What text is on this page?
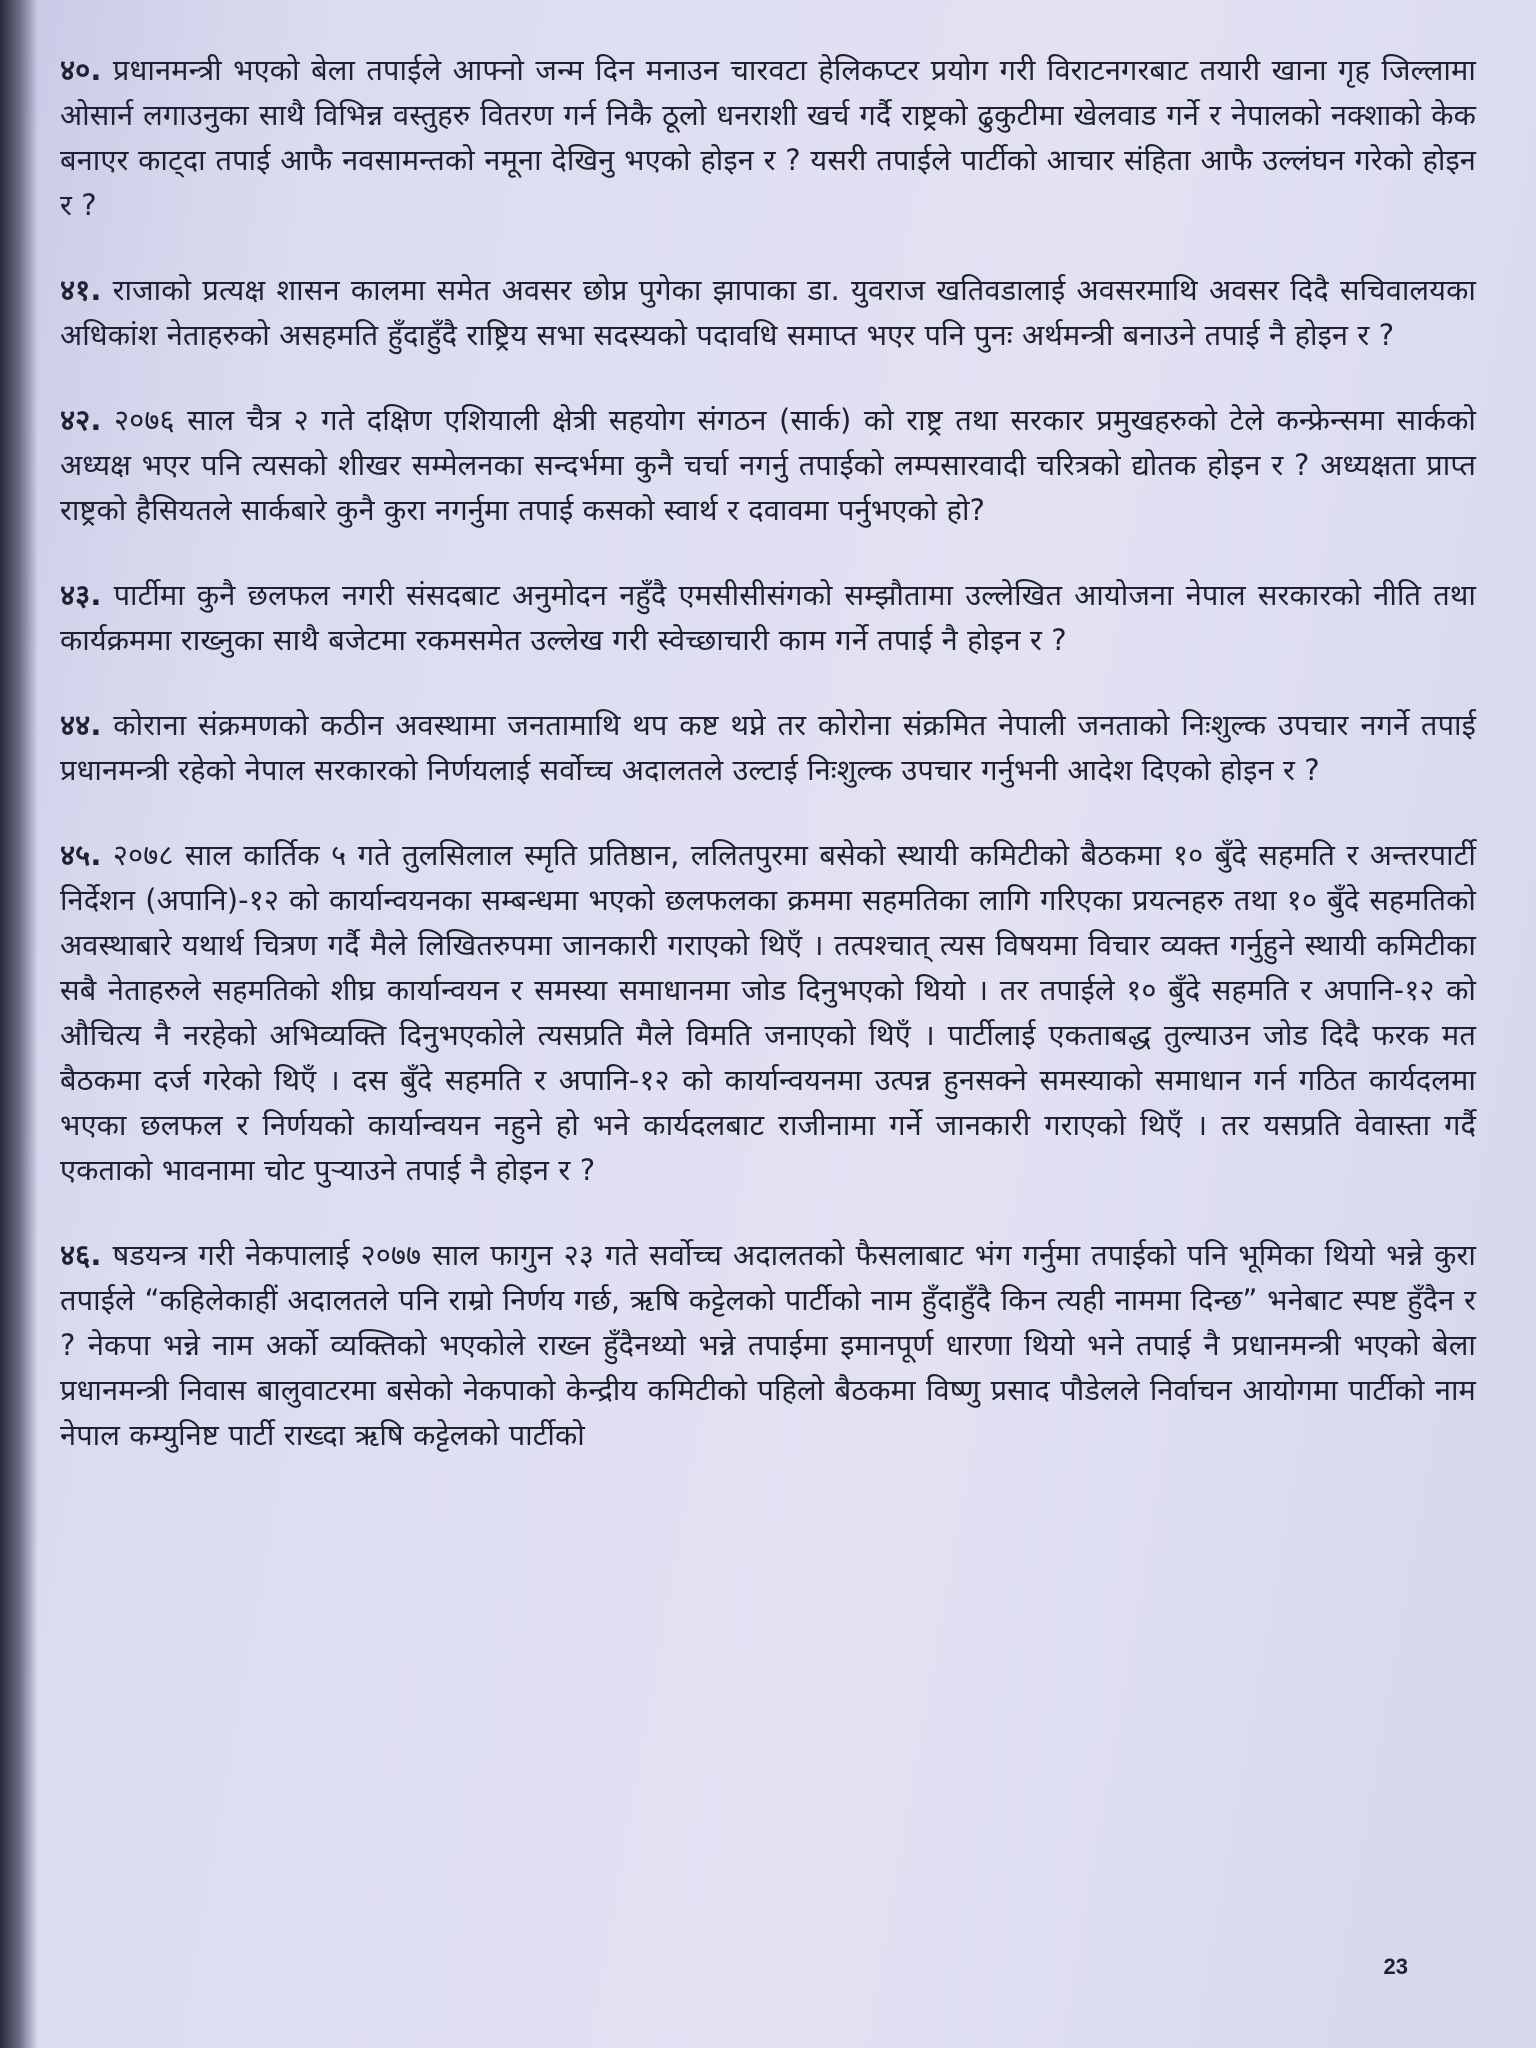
४०. प्रधानमन्त्री भएको बेला तपाईले आफ्नो जन्म दिन मनाउन चारवटा हेलिकप्टर प्रयोग गरी विराटनगरबाट तयारी खाना गृह जिल्लामा ओसार्न लगाउनुका साथै विभिन्न वस्तुहरु वितरण गर्न निकै ठूलो धनराशी खर्च गर्दै राष्ट्रको ढुकुटीमा खेलवाड गर्ने र नेपालको नक्शाको केक बनाएर काट्दा तपाई आफै नवसामन्तको नमूना देखिनु भएको होइन र ? यसरी तपाईले पार्टीको आचार संहिता आफै उल्लंघन गरेको होइन र ?

४१. राजाको प्रत्यक्ष शासन कालमा समेत अवसर छोप्न पुगेका झापाका डा. युवराज खतिवडालाई अवसरमाथि अवसर दिदै सचिवालयका अधिकांश नेताहरुको असहमति हुँदाहुँदै राष्ट्रिय सभा सदस्यको पदावधि समाप्त भएर पनि पुनः अर्थमन्त्री बनाउने तपाई नै होइन र ?

४२. २०७६ साल चैत्र २ गते दक्षिण एशियाली क्षेत्री सहयोग संगठन (सार्क) को राष्ट्र तथा सरकार प्रमुखहरुको टेले कन्फ्रेन्समा सार्कको अध्यक्ष भएर पनि त्यसको शीखर सम्मेलनका सन्दर्भमा कुनै चर्चा नगर्नु तपाईको लम्पसारवादी चरित्रको द्योतक होइन र ? अध्यक्षता प्राप्त राष्ट्रको हैसियतले सार्कबारे कुनै कुरा नगर्नुमा तपाई कसको स्वार्थ र दवावमा पर्नुभएको हो?

४३. पार्टीमा कुनै छलफल नगरी संसदबाट अनुमोदन नहुँदै एमसीसीसंगको सम्झौतामा उल्लेखित आयोजना नेपाल सरकारको नीति तथा कार्यक्रममा राख्नुका साथै बजेटमा रकमसमेत उल्लेख गरी स्वेच्छाचारी काम गर्ने तपाई नै होइन र ?

४४. कोराना संक्रमणको कठीन अवस्थामा जनतामाथि थप कष्ट थप्ने तर कोरोना संक्रमित नेपाली जनताको निःशुल्क उपचार नगर्ने तपाई प्रधानमन्त्री रहेको नेपाल सरकारको निर्णयलाई सर्वोच्च अदालतले उल्टाई निःशुल्क उपचार गर्नुभनी आदेश दिएको होइन र ?

४५. २०७८ साल कार्तिक ५ गते तुलसिलाल स्मृति प्रतिष्ठान, ललितपुरमा बसेको स्थायी कमिटीको बैठकमा १० बुँदे सहमति र अन्तरपार्टी निर्देशन (अपानि)-१२ को कार्यान्वयनका सम्बन्धमा भएको छलफलका क्रममा सहमतिका लागि गरिएका प्रयत्नहरु तथा १० बुँदे सहमतिको अवस्थाबारे यथार्थ चित्रण गर्दै मैले लिखितरुपमा जानकारी गराएको थिएँ । तत्पश्चात् त्यस विषयमा विचार व्यक्त गर्नुहुने स्थायी कमिटीका सबै नेताहरुले सहमतिको शीघ्र कार्यान्वयन र समस्या समाधानमा जोड दिनुभएको थियो । तर तपाईले १० बुँदे सहमति र अपानि-१२ को औचित्य नै नरहेको अभिव्यक्ति दिनुभएकोले त्यसप्रति मैले विमति जनाएको थिएँ । पार्टीलाई एकताबद्ध तुल्याउन जोड दिदै फरक मत बैठकमा दर्ज गरेको थिएँ । दस बुँदे सहमति र अपानि-१२ को कार्यान्वयनमा उत्पन्न हुनसक्ने समस्याको समाधान गर्न गठित कार्यदलमा भएका छलफल र निर्णयको कार्यान्वयन नहुने हो भने कार्यदलबाट राजीनामा गर्ने जानकारी गराएको थिएँ । तर यसप्रति वेवास्ता गर्दै एकताको भावनामा चोट पुऱ्याउने तपाई नै होइन र ?

४६. षडयन्त्र गरी नेकपालाई २०७७ साल फागुन २३ गते सर्वोच्च अदालतको फैसलाबाट भंग गर्नुमा तपाईको पनि भूमिका थियो भन्ने कुरा तपाईले “कहिलेकाहीं अदालतले पनि राम्रो निर्णय गर्छ, ऋषि कट्टेलको पार्टीको नाम हुँदाहुँदै किन त्यही नाममा दिन्छ” भनेबाट स्पष्ट हुँदैन र ? नेकपा भन्ने नाम अर्को व्यक्तिको भएकोले राख्न हुँदैनथ्यो भन्ने तपाईमा इमानपूर्ण धारणा थियो भने तपाई नै प्रधानमन्त्री भएको बेला प्रधानमन्त्री निवास बालुवाटरमा बसेको नेकपाको केन्द्रीय कमिटीको पहिलो बैठकमा विष्णु प्रसाद पौडेलले निर्वाचन आयोगमा पार्टीको नाम नेपाल कम्युनिष्ट पार्टी राख्दा ऋषि कट्टेलको पार्टीको

23
